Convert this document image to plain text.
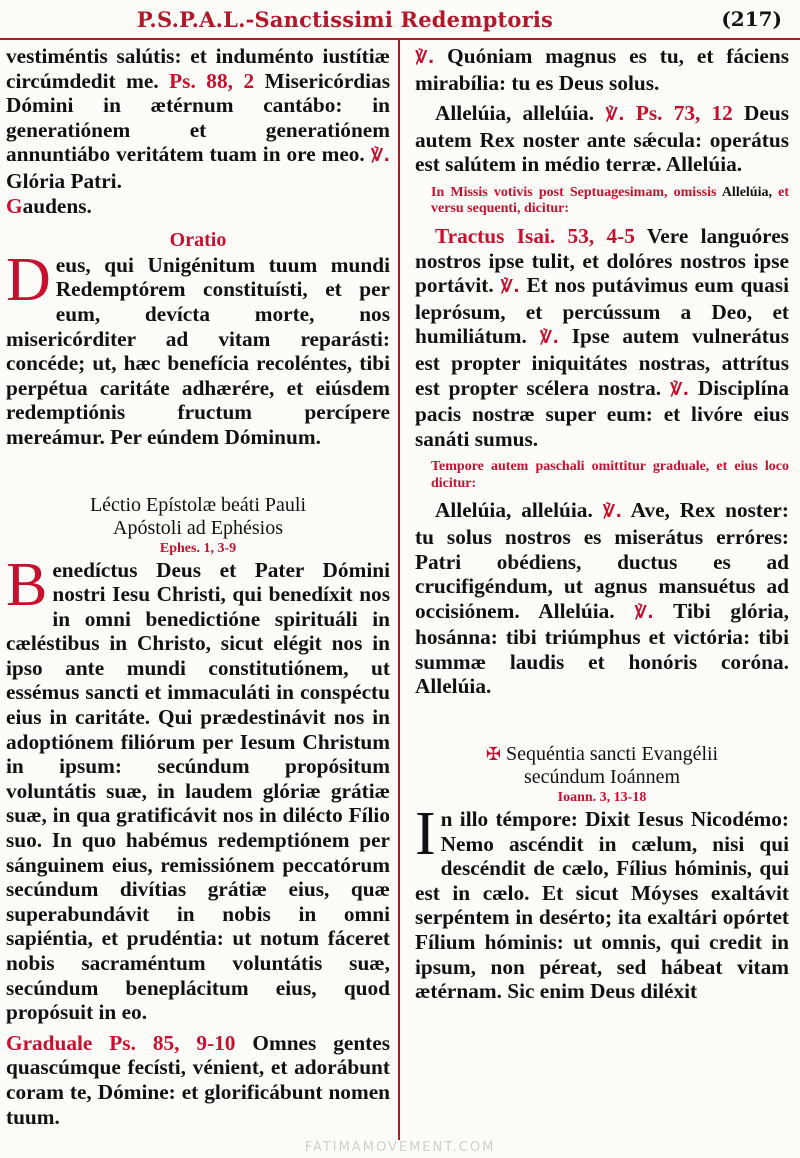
P.S.P.A.L.-Sanctissimi Redemptoris	(217)

vestiméntis salútis: et induménto iustítiæ circúmdedit me. Ps. 88, 2 Misericórdias Dómini in ætérnum cantábo: in generatiónem et generatiónem annuntiábo veritátem tuam in ore meo. ℣. Glória Patri.
Gaudens.

Oratio

Deus, qui Unigénitum tuum mundi Redemptórem constituísti, et per eum, devícta morte, nos misericórditer ad vitam reparásti: concéde; ut, hæc benefícia recoléntes, tibi perpétua caritáte adhærére, et eiúsdem redemptiónis fructum percípere mereámur. Per eúndem Dóminum.

Léctio Epístolæ beáti Pauli
Apóstoli ad Ephésios
Ephes. 1, 3-9

Benedíctus Deus et Pater Dómini nostri Iesu Christi, qui benedíxit nos in omni benedictióne spirituáli in cæléstibus in Christo, sicut elégit nos in ipso ante mundi constitutiónem, ut essémus sancti et immaculáti in conspéctu eius in caritáte. Qui prædestinávit nos in adoptiónem filiórum per Iesum Christum in ipsum: secúndum propósitum voluntátis suæ, in laudem glóriæ grátiæ suæ, in qua gratificávit nos in dilécto Fílio suo. In quo habémus redemptiónem per sánguinem eius, remissiónem peccatórum secúndum divítias grátiæ eius, quæ superabundávit in nobis in omni sapiéntia, et prudéntia: ut notum fáceret nobis sacraméntum voluntátis suæ, secúndum beneplácitum eius, quod propósuit in eo.

Graduale Ps. 85, 9-10 Omnes gentes quascúmque fecísti, vénient, et adorábunt coram te, Dómine: et glorificábunt nomen tuum.

℣. Quóniam magnus es tu, et fáciens mirabília: tu es Deus solus.

Allelúia, allelúia. ℣. Ps. 73, 12 Deus autem Rex noster ante sǽcula: operátus est salútem in médio terræ. Allelúia.

In Missis votivis post Septuagesimam, omissis Allelúia, et versu sequenti, dicitur:

Tractus Isai. 53, 4-5 Vere languóres nostros ipse tulit, et dolóres nostros ipse portávit. ℣. Et nos putávimus eum quasi leprósum, et percússum a Deo, et humiliátum. ℣. Ipse autem vulnerátus est propter iniquitátes nostras, attrítus est propter scélera nostra. ℣. Disciplína pacis nostræ super eum: et livóre eius sanáti sumus.

Tempore autem paschali omittitur graduale, et eius loco dicitur:

Allelúia, allelúia. ℣. Ave, Rex noster: tu solus nostros es miserátus erróres: Patri obédiens, ductus es ad crucifigéndum, ut agnus mansuétus ad occisiónem. Allelúia. ℣. Tibi glória, hosánna: tibi triúmphus et victória: tibi summæ laudis et honóris coróna. Allelúia.

✠ Sequéntia sancti Evangélii
secúndum Ioánnem
Ioann. 3, 13-18

In illo témpore: Dixit Iesus Nicodémo: Nemo ascéndit in cælum, nisi qui descéndit de cælo, Fílius hóminis, qui est in cælo. Et sicut Móyses exaltávit serpéntem in desérto; ita exaltári opórtet Fílium hóminis: ut omnis, qui credit in ipsum, non péreat, sed hábeat vitam ætérnam. Sic enim Deus diléxit

FATIMAMOVEMENT.COM
